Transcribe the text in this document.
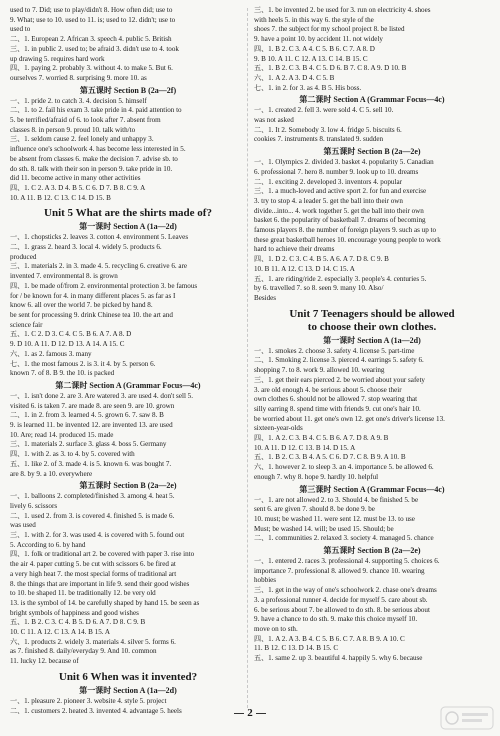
used to 7. Did; use to play/didn't 8. How often did; use to

9. What; use to 10. used to 11. is; used to 12. didn't; use to

used to

二、1. European 2. African 3. speech 4. public 5. British

三、1. in public 2. used to; be afraid 3. didn't use to 4. took

up drawing 5. requires hard work

四、1. paying 2. probably 3. without 4. to make 5. But 6.

ourselves 7. worried 8. surprising 9. more 10. as

第五课时 Section B (2a—2f)

一、1. pride 2. to catch 3. 4. decision 5. himself

二、1. to 2. fail his exam 3. take pride in 4. paid attention to

5. be terrified/afraid of 6. to look after 7. absent from

classes 8. in person 9. proud 10. talk with/to

三、1. seldom cause 2. feel lonely and unhappy 3.

influence one's schoolwork 4. has become less interested in 5.

be absent from classes 6. make the decision 7. advise sb. to

do sth. 8. talk with their son in person 9. take pride in 10.

did 11. become active in many other activities

四、1. C 2. A 3. D 4. B 5. C 6. D 7. B 8. C 9. A

10. A 11. B 12. C 13. C 14. D 15. B

Unit 5 What are the shirts made of?
第一课时 Section A (1a—2d)

一、1. chopsticks 2. leaves 3. cotton 4. environment 5. Leaves

二、1. grass 2. heard 3. local 4. widely 5. products 6.

produced

三、1. materials 2. in 3. made 4. 5. recycling 6. creative 6. are

invented 7. environmental 8. is grown

四、1. be made of/from 2. environmental protection 3. be famous

for / be known for 4. in many different places 5. as far as I

know 6. all over the world 7. be picked by hand 8.

be sent for processing 9. drink Chinese tea 10. the art and

science fair

五、1. C 2. D 3. C 4. C 5. B 6. A 7. A 8. D

9. D 10. A 11. D 12. D 13. A 14. A 15. C

六、1. as 2. famous 3. many

七、1. the most famous 2. is 3. it 4. by 5. person 6.

known 7. of 8. B 9. the 10. is packed

第二课时 Section A (Grammar Focus—4c)

一、1. isn't done 2. are 3. Are watered 3. are used 4. don't sell 5.

visited 6. is taken 7. are made 8. are seen 9. are 10. grown

二、1. in 2. from 3. learned 4. 5. grown 6. 7. saw 8. B

9. is learned 11. be invented 12. are invented 13. are used

10. Are; read 14. produced 15. made

三、1. materials 2. surface 3. glass 4. boss 5. Germany

四、1. with 2. as 3. to 4. by 5. covered with

五、1. like 2. of 3. made 4. is 5. known 6. was bought 7.

are 8. by 9. a 10. everywhere

第五课时 Section B (2a—2e)

一、1. balloons 2. completed/finished 3. among 4. heat 5.

lively 6. scissors

二、1. used 2. from 3. is covered 4. finished 5. is made 6.

was used

三、1. with 2. for 3. was used 4. is covered with 5. found out

5. According to 6. by hand

四、1. folk or traditional art 2. be covered with paper 3. rise into

the air 4. paper cutting 5. be cut with scissors 6. be fired at

a very high heat 7. the most special forms of traditional art

8. the things that are important in life 9. send their good wishes

to 10. be shaped 11. be traditionally 12. be very old

13. is the symbol of 14. be carefully shaped by hand 15. be seen as

bright symbols of happiness and good wishes

五、1. B 2. C 3. C 4. B 5. D 6. A 7. D 8. C 9. B

10. C 11. A 12. C 13. A 14. B 15. A

六、1. products 2. widely 3. materials 4. silver 5. forms 6.

as 7. finished 8. daily/everyday 9. And 10. common

11. lucky 12. because of

Unit 6 When was it invented?
第一课时 Section A (1a—2d)

一、1. pleasure 2. pioneer 3. website 4. style 5. project

二、1. customers 2. heated 3. invented 4. advantage 5. heels

三、1. be invented 2. be used for 3. run on electricity 4. shoes

with heels 5. in this way 6. the style of the

shoes 7. the subject for my school project 8. be listed

9. have a point 10. by accident 11. not widely

四、1. B 2. C 3. A 4. C 5. B 6. C 7. A 8. D

9. B 10. A 11. C 12. A 13. C 14. B 15. C

五、1. B 2. C 3. B 4. C 5. D 6. B 7. C 8. A 9. D 10. B

六、1. A 2. A 3. D 4. C 5. B

七、1. in 2. for 3. as 4. B 5. His boss.

第二课时 Section A (Grammar Focus—4c)

一、1. created 2. fell 3. were sold 4. C 5. sell 10.

was not asked

二、1. It 2. Somebody 3. low 4. fridge 5. biscuits 6.

cookies 7. instruments 8. translated 9. sudden

第五课时 Section B (2a—2e)

一、1. Olympics 2. divided 3. basket 4. popularity 5. Canadian

6. professional 7. hero 8. number 9. look up to 10. dreams

二、1. exciting 2. developed 3. inventors 4. popular

三、1. a much-loved and active sport 2. for fun and exercise

3. try to stop 4. a leader 5. get the ball into their own

divide...into... 4. work together 5. get the ball into their own

basket 6. the popularity of basketball 7. dreams of becoming

famous players 8. the number of foreign players 9. such as up to

these great basketball heroes 10. encourage young people to work

hard to achieve their dreams

四、1. D 2. C 3. C 4. B 5. A 6. A 7. D 8. C 9. B

10. B 11. A 12. C 13. D 14. C 15. A

五、1. are riding/ride 2. especially 3. people's 4. centuries 5.

by 6. travelled 7. so 8. seen 9. many 10. Also/

Besides

Unit 7 Teenagers should be allowed
to choose their own clothes.
第一课时 Section A (1a—2d)

一、1. smokes 2. choose 3. safety 4. license 5. part-time

二、1. Smoking 2. license 3. pierced 4. earrings 5. safety 6.

shopping 7. to 8. work 9. allowed 10. wearing

三、1. get their ears pierced 2. be worried about your safety

3. are old enough 4. be serious about 5. choose their

own clothes 6. should not be allowed 7. stop wearing that

silly earring 8. spend time with friends 9. cut one's hair 10.

be worried about 11. get one's own 12. get one's driver's license 13.

sixteen-year-olds

四、1. A 2. C 3. B 4. C 5. B 6. A 7. D 8. A 9. B

10. A 11. D 12. C 13. B 14. D 15. A

五、1. B 2. C 3. B 4. A 5. C 6. D 7. C 8. B 9. A 10. B

六、1. however 2. to sleep 3. an 4. importance 5. be allowed 6.

enough 7. why 8. hope 9. hardly 10. helpful

第三课时 Section A (Grammar Focus—4c)

一、1. are not allowed 2. to 3. Should 4. be finished 5. be

sent 6. are given 7. should 8. be done 9. be

10. must; be washed 11. were sent 12. must be 13. to use

Must; be washed 14. will; be used 15. Should; be

二、1. communities 2. relaxed 3. society 4. managed 5. chance

第五课时 Section B (2a—2e)

一、1. entered 2. races 3. professional 4. supporting 5. choices 6.

importance 7. professional 8. allowed 9. chance 10. wearing

hobbies

三、1. get in the way of one's schoolwork 2. chase one's dreams

3. a professional runner 4. decide for myself 5. care about sb.

6. be serious about 7. be allowed to do sth. 8. be serious about

9. have a chance to do sth. 9. make this choice myself 10.

move on to sth.

四、1. A 2. A 3. B 4. C 5. B 6. C 7. A 8. B 9. A 10. C

11. B 12. C 13. D 14. B 15. C

五、1. same 2. up 3. beautiful 4. happily 5. why 6. because

2
